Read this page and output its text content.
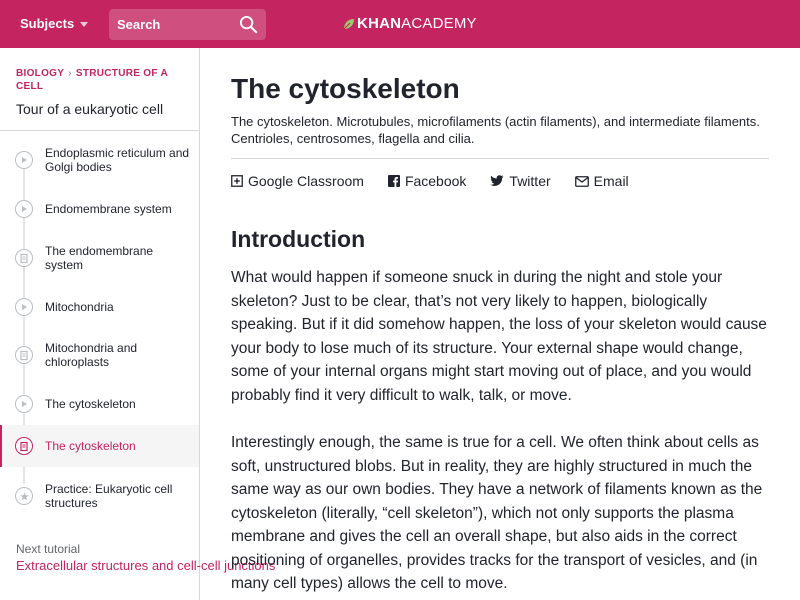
Subjects
Search	KHAN ACADEMY
BIOLOGY › STRUCTURE OF A CELL
Tour of a eukaryotic cell
Endoplasmic reticulum and Golgi bodies
Endomembrane system
The endomembrane system
Mitochondria
Mitochondria and chloroplasts
The cytoskeleton
The cytoskeleton
Practice: Eukaryotic cell structures
Next tutorial
Extracellular structures and cell-cell junctions
The cytoskeleton
The cytoskeleton. Microtubules, microfilaments (actin filaments), and intermediate filaments. Centrioles, centrosomes, flagella and cilia.
Google Classroom	Facebook	Twitter	Email
Introduction

What would happen if someone snuck in during the night and stole your skeleton? Just to be clear, that’s not very likely to happen, biologically speaking. But if it did somehow happen, the loss of your skeleton would cause your body to lose much of its structure. Your external shape would change, some of your internal organs might start moving out of place, and you would probably find it very difficult to walk, talk, or move.

Interestingly enough, the same is true for a cell. We often think about cells as soft, unstructured blobs. But in reality, they are highly structured in much the same way as our own bodies. They have a network of filaments known as the cytoskeleton (literally, “cell skeleton”), which not only supports the plasma membrane and gives the cell an overall shape, but also aids in the correct positioning of organelles, provides tracks for the transport of vesicles, and (in many cell types) allows the cell to move.
